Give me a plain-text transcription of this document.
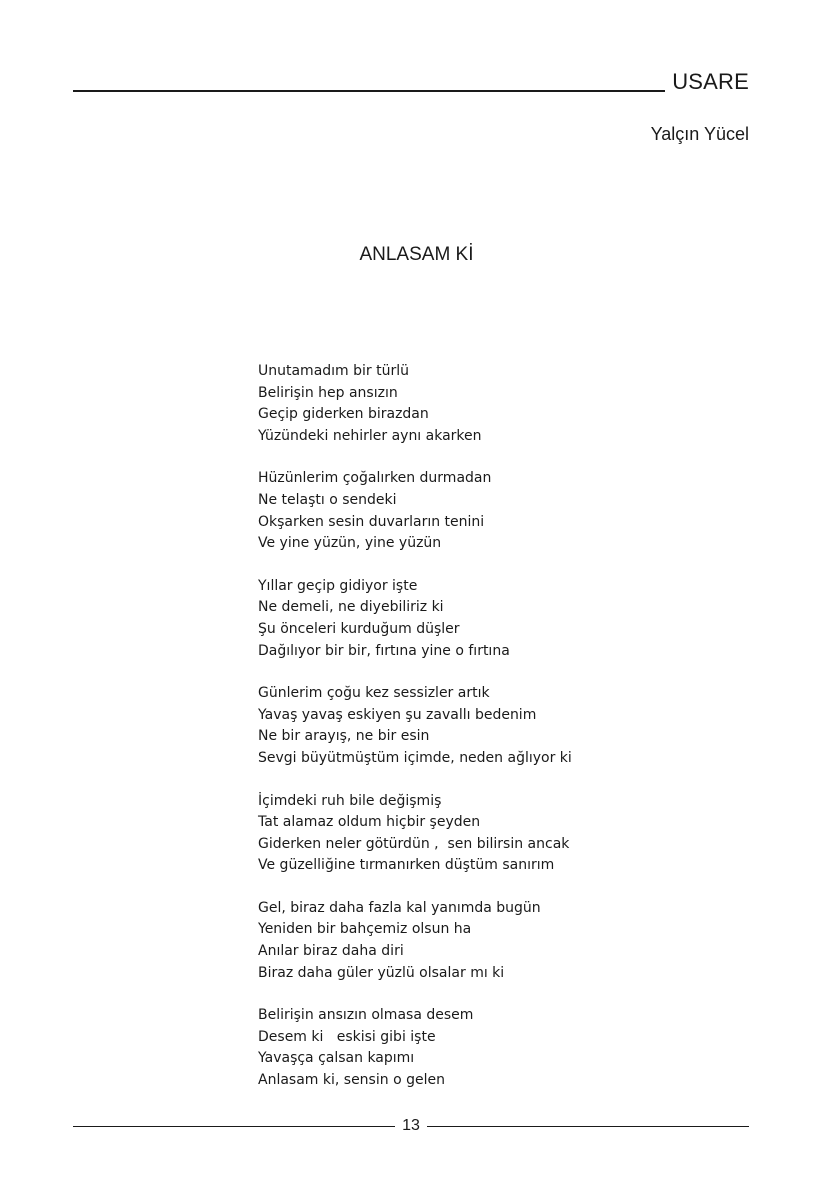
USARE
Yalçın Yücel
ANLASAM Kİ
Unutamadım bir türlü
Belirişin hep ansızın
Geçip giderken birazdan
Yüzündeki nehirler aynı akarken
Hüzünlerim çoğalırken durmadan
Ne telaştı o sendeki
Okşarken sesin duvarların tenini
Ve yine yüzün, yine yüzün
Yıllar geçip gidiyor işte
Ne demeli, ne diyebiliriz ki
Şu önceleri kurduğum düşler
Dağılıyor bir bir, fırtına yine o fırtına
Günlerim çoğu kez sessizler artık
Yavaş yavaş eskiyen şu zavallı bedenim
Ne bir arayış, ne bir esin
Sevgi büyütmüştüm içimde, neden ağlıyor ki
İçimdeki ruh bile değişmiş
Tat alamaz oldum hiçbir şeyden
Giderken neler götürdün ,  sen bilirsin ancak
Ve güzelliğine tırmanırken düştüm sanırım
Gel, biraz daha fazla kal yanımda bugün
Yeniden bir bahçemiz olsun ha
Anılar biraz daha diri
Biraz daha güler yüzlü olsalar mı ki
Belirişin ansızın olmasa desem
Desem ki   eskisi gibi işte
Yavaşça çalsan kapımı
Anlasam ki, sensin o gelen
13
